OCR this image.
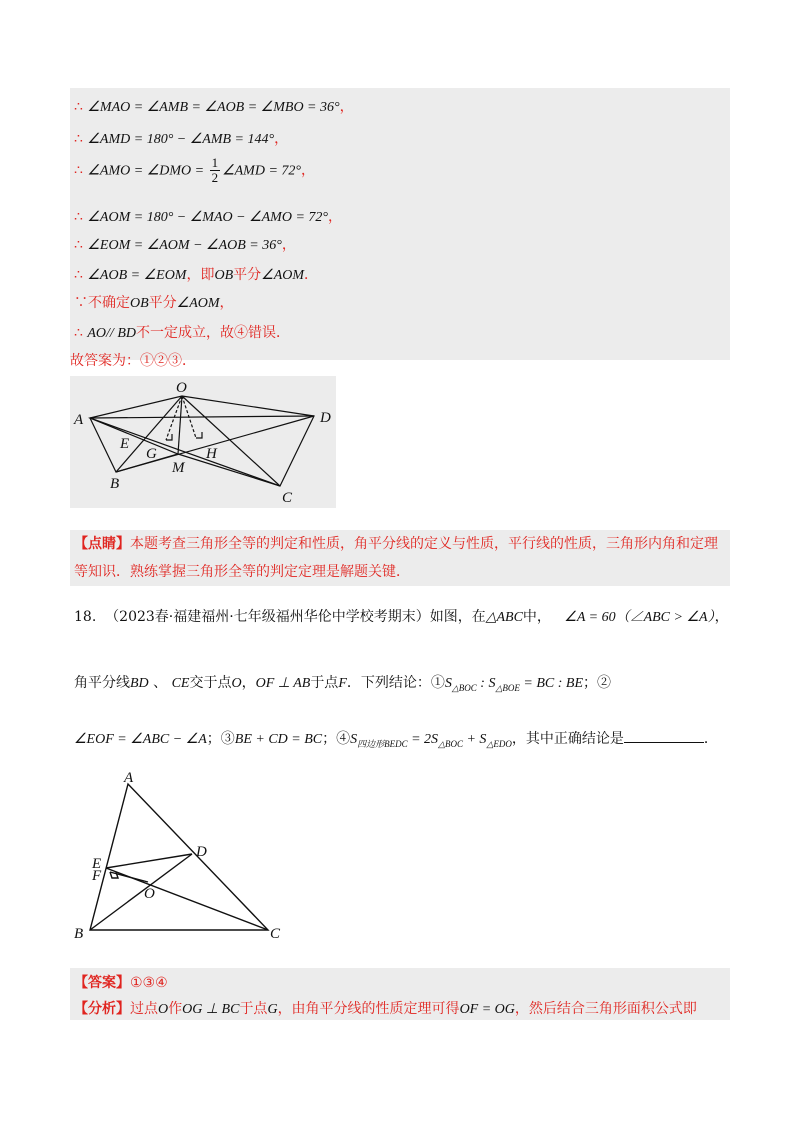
∴ ∠MAO = ∠AMB = ∠AOB = ∠MBO = 36°，
∴ ∠AMD = 180° − ∠AMB = 144°，
∴ ∠AMO = ∠DMO = $\frac{1}{2}$ ∠AMD = 72°，
∴ ∠AOM = 180° − ∠MAO − ∠AMO = 72°，
∴ ∠EOM = ∠AOM − ∠AOB = 36°，
∴ ∠AOB = ∠EOM，即OB平分∠AOM．
∵不确定OB平分∠AOM，
∴ AO// BD不一定成立，故④错误．
故答案为：①②③．
O
A	D
E
G
M
H
B
C
【点睛】本题考查三角形全等的判定和性质，角平分线的定义与性质，平行线的性质，三角形内角和定理
等知识．熟练掌握三角形全等的判定定理是解题关键．
18. （2023春·福建福州·七年级福州华伦中学校考期末）如图，在△ABC中， ∠A = 60（∠ABC > ∠A），
角平分线BD 、 CE交于点O，OF ⊥ AB于点F．下列结论：$①S_{\triangle BOC}$ : $S_{\triangle BOE}$ = BC : BE；②
∠EOF = ∠ABC − ∠A；③BE + CD = BC；$④S_{四边形BEDC} = 2S_{\triangle BOC} + S_{\triangle EDO}$，其中正确结论是	．
A
E
F
D
O
B	C
【答案】①③④
【分析】过点O作OG ⊥ BC于点G，由角平分线的性质定理可得OF = OG，然后结合三角形面积公式即
